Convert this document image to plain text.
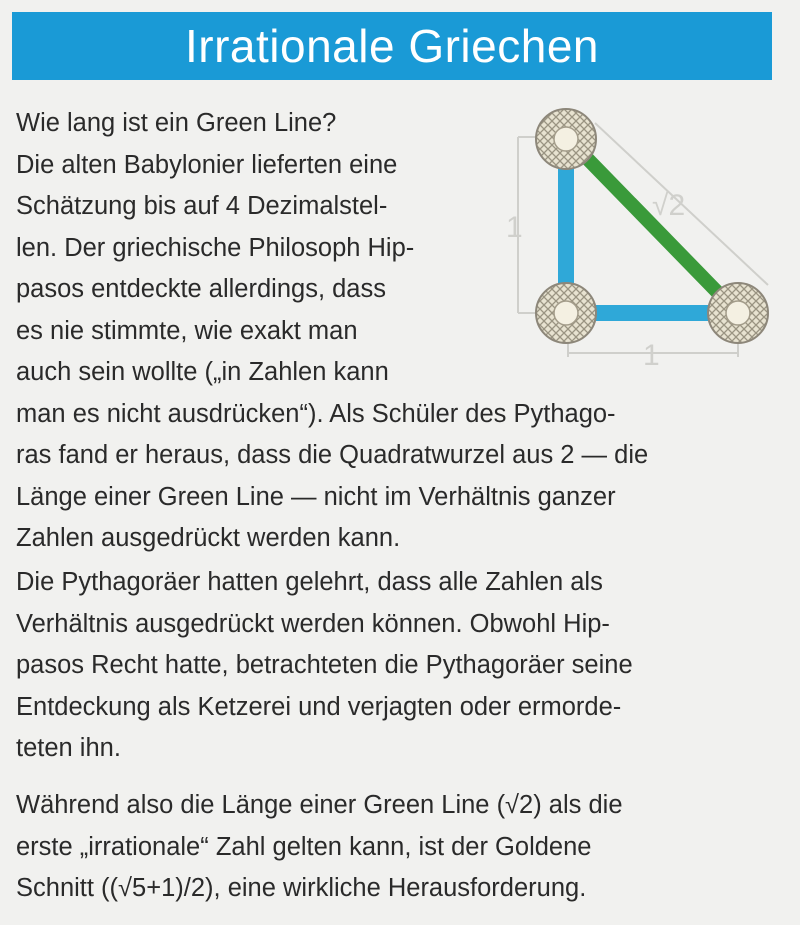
Irrationale Griechen
1
1
√2
Wie lang ist ein Green Line?
Die alten Babylonier lieferten eine
Schätzung bis auf 4 Dezimalstel-
len. Der griechische Philosoph Hip-
pasos entdeckte allerdings, dass
es nie stimmte, wie exakt man
auch sein wollte („in Zahlen kann
man es nicht ausdrücken“). Als Schüler des Pythago-
ras fand er heraus, dass die Quadratwurzel aus 2 — die
Länge einer Green Line — nicht im Verhältnis ganzer
Zahlen ausgedrückt werden kann.
Die Pythagoräer hatten gelehrt, dass alle Zahlen als
Verhältnis ausgedrückt werden können. Obwohl Hip-
pasos Recht hatte, betrachteten die Pythagoräer seine
Entdeckung als Ketzerei und verjagten oder ermorde-
teten ihn.
Während also die Länge einer Green Line (√2) als die
erste „irrationale“ Zahl gelten kann, ist der Goldene
Schnitt ((√5+1)/2), eine wirkliche Herausforderung.
